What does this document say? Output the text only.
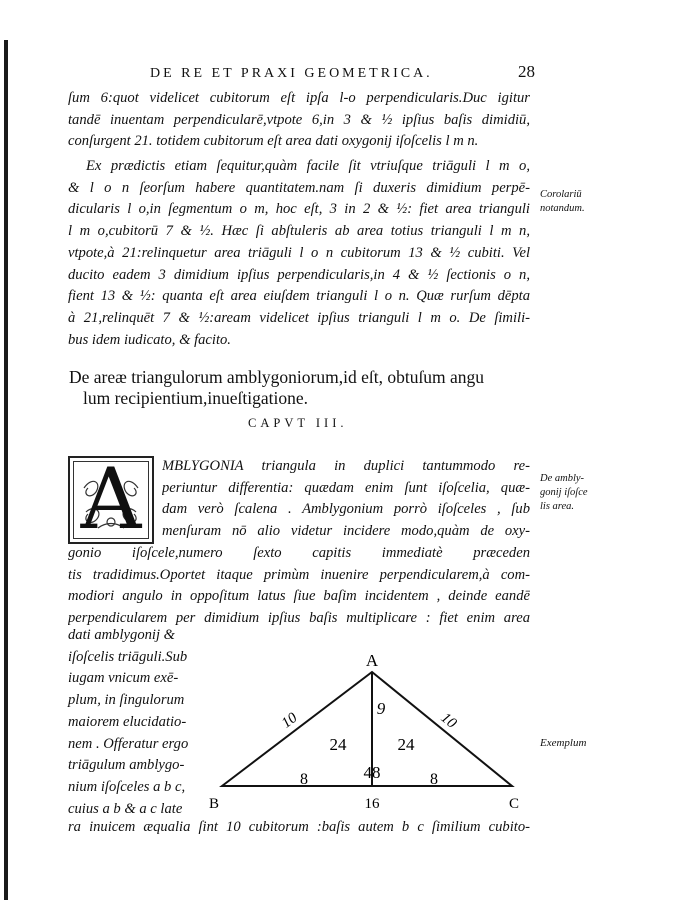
DE RE ET PRAXI GEOMETRICA.	28
ſum 6:quot videlicet cubitorum eſt ipſa l-o perpendicularis.Duc igitur
tandē inuentam perpendicularē,vtpote 6,in 3 & ½ ipſius baſis dimidiū,
conſurgent 21. totidem cubitorum eſt area dati oxygonij iſoſcelis l m n.
Ex prædictis etiam ſequitur,quàm facile ſit vtriuſque triāguli l m o,
& l o n ſeorſum habere quantitatem.nam ſi duxeris dimidium perpē-
dicularis l o,in ſegmentum o m, hoc eſt, 3 in 2 & ½: fiet area trianguli
l m o,cubitorū 7 & ½. Hæc ſi abſtuleris ab area totius trianguli l m n,
vtpote,à 21:relinquetur area triāguli l o n cubitorum 13 & ½ cubiti. Vel
ducito eadem 3 dimidium ipſius perpendicularis,in 4 & ½ ſectionis o n,
fient 13 & ½: quanta eſt area eiuſdem trianguli l o n. Quæ rurſum dēpta
à 21,relinquēt 7 & ½:aream videlicet ipſius trianguli l m o. De ſimili-
bus idem iudicato, & facito.
Corolariū
notandum.
De areæ triangulorum amblygoniorum,id eſt, obtuſum angu
lum recipientium,inueſtigatione.
CAPVT III.
A	MBLYGONIA triangula in duplici tantummodo re-
periuntur differentia: quædam enim ſunt iſoſcelia, quæ-
dam verò ſcalena . Amblygonium porrò iſoſceles , ſub
menſuram nō alio videtur incidere modo,quàm de oxy-
De ambly-
gonij iſoſce
lis area.
gonio iſoſcele,numero ſexto capitis immediatè præceden
tis tradidimus.Oportet itaque primùm inuenire perpendicularem,à com-
modiori angulo in oppoſitum latus ſiue baſim incidentem , deinde eandē
perpendicularem per dimidium ipſius baſis multiplicare : fiet enim area
dati amblygonij &
iſoſcelis triāguli.Sub
iugam vnicum exē-
plum, in ſingulorum
maiorem elucidatio-
nem . Offeratur ergo
triāgulum amblygo-
nium iſoſceles a b c,
cuius a b & a c late
A
B	C
10	10
9
24	24
48
8	8
16
Exemplum
ra inuicem æqualia ſint 10 cubitorum :baſis autem b c ſimilium cubito-
